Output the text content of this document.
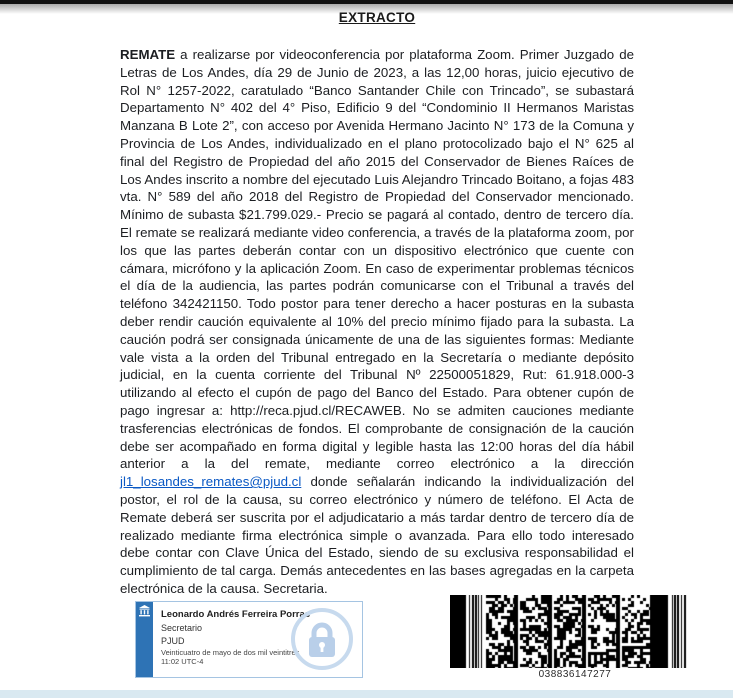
EXTRACTO

REMATE a realizarse por videoconferencia por plataforma Zoom. Primer Juzgado de Letras de Los Andes, día 29 de Junio de 2023, a las 12,00 horas, juicio ejecutivo de Rol N° 1257-2022, caratulado “Banco Santander Chile con Trincado”, se subastará Departamento N° 402 del 4° Piso, Edificio 9 del “Condominio II Hermanos Maristas Manzana B Lote 2”, con acceso por Avenida Hermano Jacinto N° 173 de la Comuna y Provincia de Los Andes, individualizado en el plano protocolizado bajo el N° 625 al final del Registro de Propiedad del año 2015 del Conservador de Bienes Raíces de Los Andes inscrito a nombre del ejecutado Luis Alejandro Trincado Boitano, a fojas 483 vta. N° 589 del año 2018 del Registro de Propiedad del Conservador mencionado. Mínimo de subasta $21.799.029.- Precio se pagará al contado, dentro de tercero día. El remate se realizará mediante video conferencia, a través de la plataforma zoom, por los que las partes deberán contar con un dispositivo electrónico que cuente con cámara, micrófono y la aplicación Zoom. En caso de experimentar problemas técnicos el día de la audiencia, las partes podrán comunicarse con el Tribunal a través del teléfono 342421150. Todo postor para tener derecho a hacer posturas en la subasta deber rendir caución equivalente al 10% del precio mínimo fijado para la subasta. La caución podrá ser consignada únicamente de una de las siguientes formas: Mediante vale vista a la orden del Tribunal entregado en la Secretaría o mediante depósito judicial, en la cuenta corriente del Tribunal Nº 22500051829, Rut: 61.918.000-3 utilizando al efecto el cupón de pago del Banco del Estado. Para obtener cupón de pago ingresar a: http://reca.pjud.cl/RECAWEB. No se admiten cauciones mediante trasferencias electrónicas de fondos. El comprobante de consignación de la caución debe ser acompañado en forma digital y legible hasta las 12:00 horas del día hábil anterior a la del remate, mediante correo electrónico a la dirección jl1_losandes_remates@pjud.cl donde señalarán indicando la individualización del postor, el rol de la causa, su correo electrónico y número de teléfono. El Acta de Remate deberá ser suscrita por el adjudicatario a más tardar dentro de tercero día de realizado mediante firma electrónica simple o avanzada. Para ello todo interesado debe contar con Clave Única del Estado, siendo de su exclusiva responsabilidad el cumplimiento de tal carga. Demás antecedentes en las bases agregadas en la carpeta electrónica de la causa. Secretaria.

Leonardo Andrés Ferreira Porras
Secretario
PJUD
Veinticuatro de mayo de dos mil veintitrés
11:02 UTC-4
038836147277
